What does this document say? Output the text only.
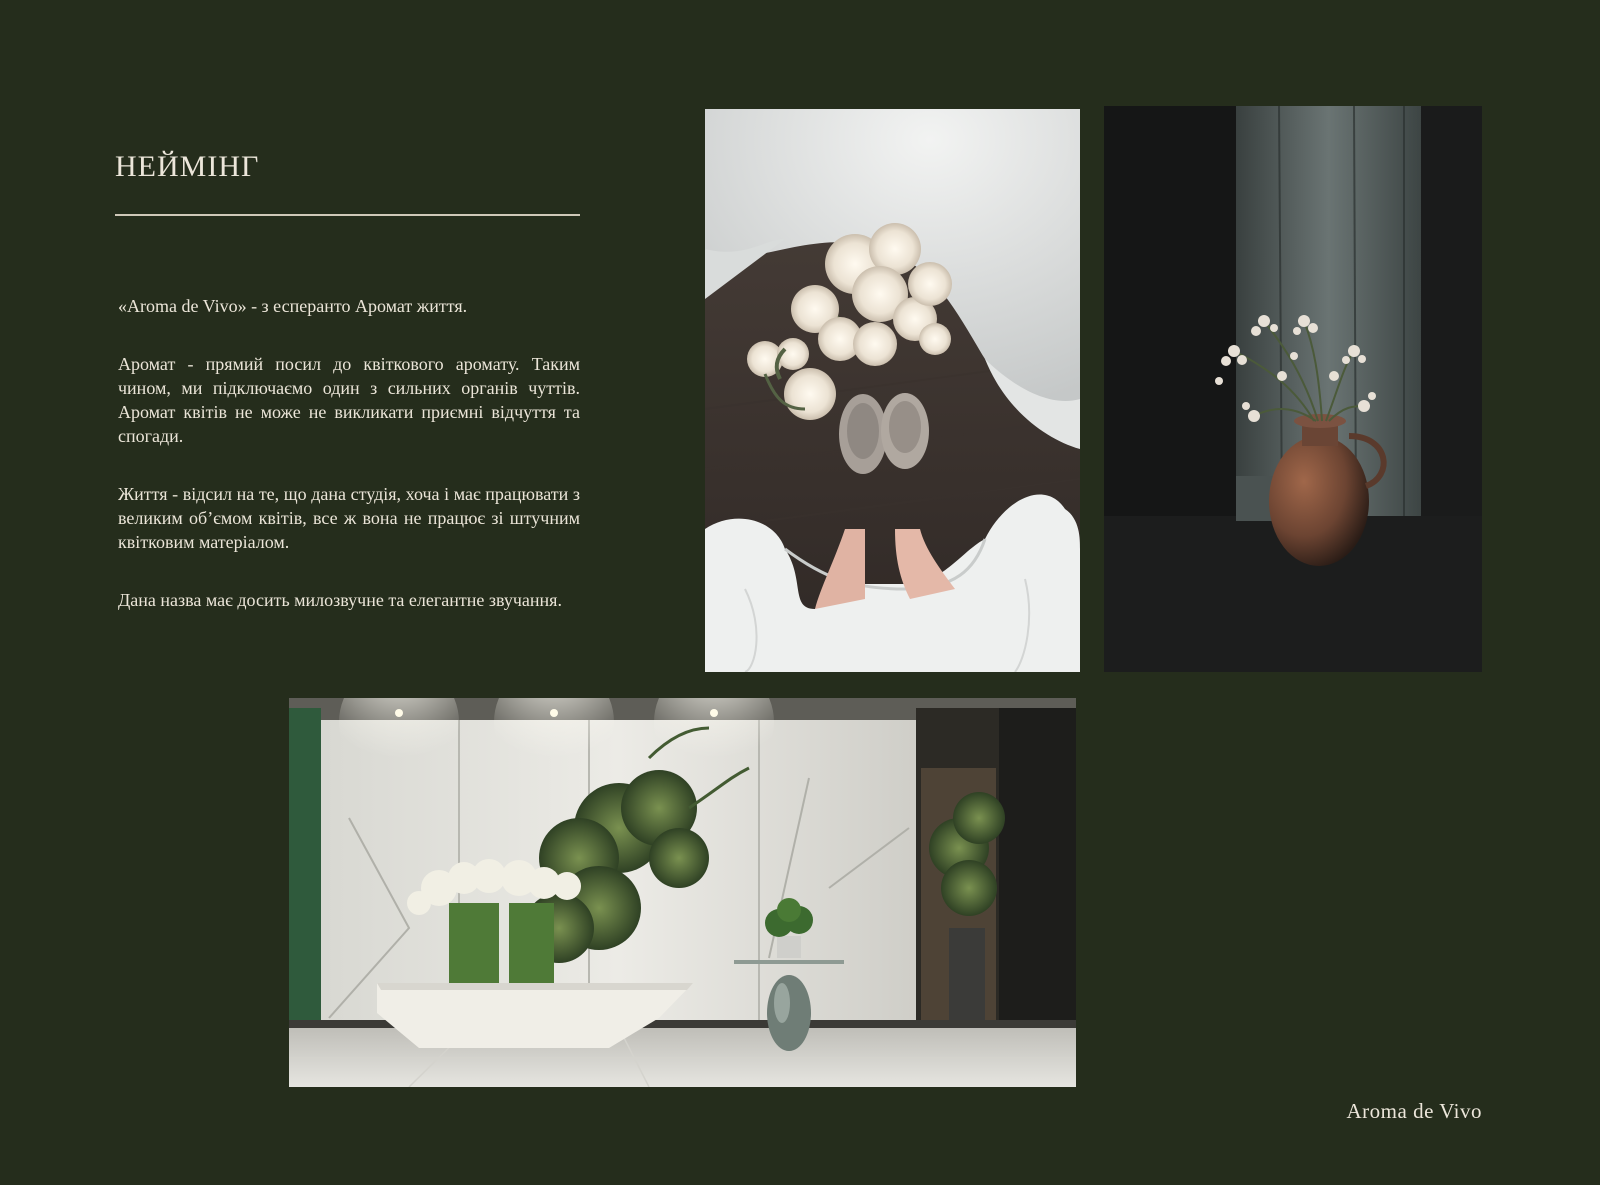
НЕЙМІНГ

«Aroma de Vivo» - з есперанто Аромат життя.

Аромат - прямий посил до квіткового аромату. Таким чином, ми підключаємо один з сильних органів чуттів. Аромат квітів не може не викликати приємні відчуття та спогади.

Життя - відсил на те, що дана студія, хоча і має працювати з великим об’ємом квітів, все ж вона не працює зі штучним квітковим матеріалом.

Дана назва має досить милозвучне та елегантне звучання.

Aroma de Vivo
